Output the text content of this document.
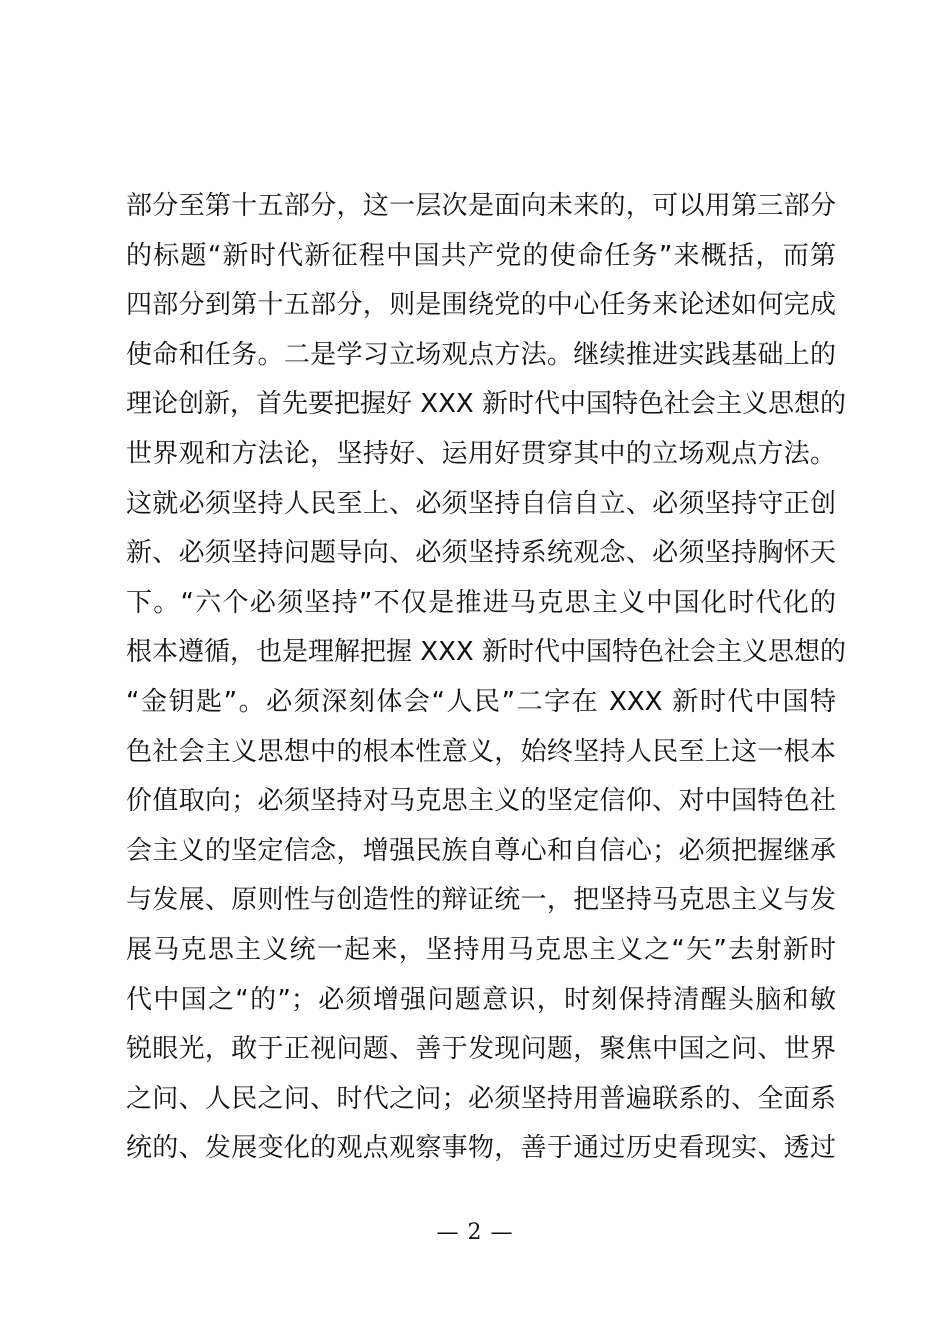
部分至第十五部分，这一层次是面向未来的，可以用第三部分
的标题“新时代新征程中国共产党的使命任务”来概括，而第
四部分到第十五部分，则是围绕党的中心任务来论述如何完成
使命和任务。二是学习立场观点方法。继续推进实践基础上的
理论创新，首先要把握好 XXX 新时代中国特色社会主义思想的
世界观和方法论，坚持好、运用好贯穿其中的立场观点方法。
这就必须坚持人民至上、必须坚持自信自立、必须坚持守正创
新、必须坚持问题导向、必须坚持系统观念、必须坚持胸怀天
下。“六个必须坚持”不仅是推进马克思主义中国化时代化的
根本遵循，也是理解把握 XXX 新时代中国特色社会主义思想的
“金钥匙”。必须深刻体会“人民”二字在 XXX 新时代中国特
色社会主义思想中的根本性意义，始终坚持人民至上这一根本
价值取向；必须坚持对马克思主义的坚定信仰、对中国特色社
会主义的坚定信念，增强民族自尊心和自信心；必须把握继承
与发展、原则性与创造性的辩证统一，把坚持马克思主义与发
展马克思主义统一起来，坚持用马克思主义之“矢”去射新时
代中国之“的”；必须增强问题意识，时刻保持清醒头脑和敏
锐眼光，敢于正视问题、善于发现问题，聚焦中国之问、世界
之问、人民之问、时代之问；必须坚持用普遍联系的、全面系
统的、发展变化的观点观察事物，善于通过历史看现实、透过
— 2 —
